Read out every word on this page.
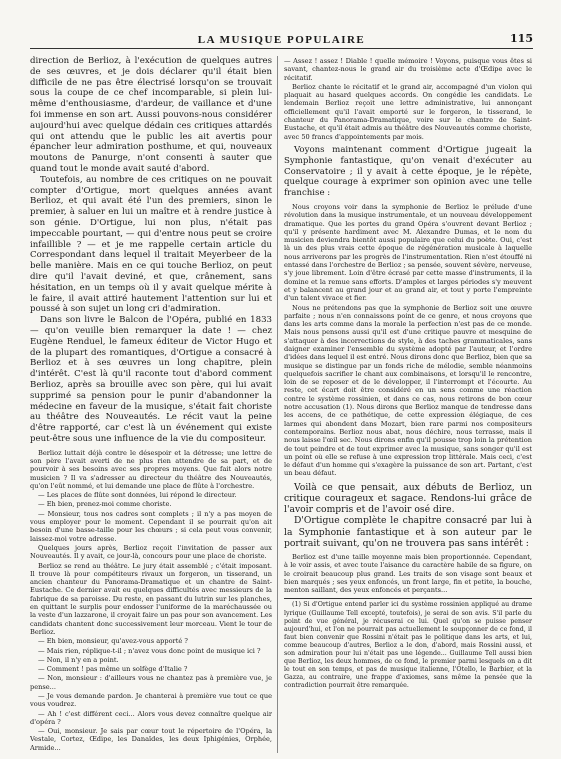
LA MUSIQUE POPULAIRE	115

direction de Berlioz, à l'exécution de quelques autres de ses œuvres, et je dois déclarer qu'il était bien difficile de ne pas être électrisé lorsqu'on se trouvait sous la coupe de ce chef incomparable, si plein lui-même d'enthousiasme, d'ardeur, de vaillance et d'une foi immense en son art. Aussi pouvons-nous considérer aujourd'hui avec quelque dédain ces critiques attardés qui ont attendu que le public les ait avertis pour épancher leur admiration posthume, et qui, nouveaux moutons de Panurge, n'ont consenti à sauter que quand tout le monde avait sauté d'abord.

Toutefois, au nombre de ces critiques on ne pouvait compter d'Ortigue, mort quelques années avant Berlioz, et qui avait été l'un des premiers, sinon le premier, à saluer en lui un maître et à rendre justice à son génie. D'Ortigue, lui non plus, n'était pas impeccable pourtant, — qui d'entre nous peut se croire infaillible ? — et je me rappelle certain article du Correspondant dans lequel il traitait Meyerbeer de la belle manière. Mais en ce qui touche Berlioz, on peut dire qu'il l'avait deviné, et que, crânement, sans hésitation, en un temps où il y avait quelque mérite à le faire, il avait attiré hautement l'attention sur lui et poussé à son sujet un long cri d'admiration.

Dans son livre le Balcon de l'Opéra, publié en 1833 — qu'on veuille bien remarquer la date ! — chez Eugène Renduel, le fameux éditeur de Victor Hugo et de la plupart des romantiques, d'Ortigue a consacré à Berlioz et à ses œuvres un long chapitre, plein d'intérêt. C'est là qu'il raconte tout d'abord comment Berlioz, après sa brouille avec son père, qui lui avait supprimé sa pension pour le punir d'abandonner la médecine en faveur de la musique, s'était fait choriste au théâtre des Nouveautés. Le récit vaut la peine d'être rapporté, car c'est là un événement qui existe peut-être sous une influence de la vie du compositeur.

Berlioz luttait déjà contre le désespoir et la détresse; une lettre de son père l'avait averti de ne plus rien attendre de sa part, et de pourvoir à ses besoins avec ses propres moyens. Que fait alors notre musicien ? Il va s'adresser au directeur du théâtre des Nouveautés, qu'on l'eût nommé, et lui demande une place de flûte à l'orchestre.

— Les places de flûte sont données, lui répond le directeur.

— Eh bien, prenez-moi comme choriste.

— Monsieur, tous nos cadres sont complets ; il n'y a pas moyen de vous employer pour le moment. Cependant il se pourrait qu'on ait besoin d'une basse-taille pour les chœurs ; si cela peut vous convenir, laissez-moi votre adresse.

Quelques jours après, Berlioz reçoit l'invitation de passer aux Nouveautés. Il y avait, ce jour-là, concours pour une place de choriste.

Berlioz se rend au théâtre. Le jury était assemblé ; c'était imposant. Il trouve là pour compétiteurs rivaux un forgeron, un tisserand, un ancien chanteur du Panorama-Dramatique et un chantre de Saint-Eustache. Ce dernier avait eu quelques difficultés avec messieurs de la fabrique de sa paroisse. Du reste, en passant du lutrin sur les planches, en quittant le surplis pour endosser l'uniforme de la maréchaussée ou la veste d'un lazzarone, il croyait faire un pas pour son avancement. Les candidats chantent donc successivement leur morceau. Vient le tour de Berlioz.

— Eh bien, monsieur, qu'avez-vous apporté ?

— Mais rien, réplique-t-il ; n'avez vous donc point de musique ici ?

— Non, il n'y en a point.

— Comment ! pas même un solfège d'Italie ?

— Non, monsieur : d'ailleurs vous ne chantez pas à première vue, je pense...

— Je vous demande pardon. Je chanterai à première vue tout ce que vous voudrez.

— Ah ! c'est différent ceci... Alors vous devez connaître quelque air d'opéra ?

— Oui, monsieur. Je sais par cœur tout le répertoire de l'Opéra, la Vestale, Cortez, Œdipe, les Danaïdes, les deux Iphigénies, Orphée, Armide...

— Assez ! assez ! Diable ! quelle mémoire ! Voyons, puisque vous êtes si savant, chantez-nous le grand air du troisième acte d'Œdipe avec le récitatif.

Berlioz chante le récitatif et le grand air, accompagné d'un violon qui plaquait au hasard quelques accords. On congédie les candidats. Le lendemain Berlioz reçoit une lettre administrative, lui annonçant officiellement qu'il l'avait emporté sur le forgeron, le tisserand, le chanteur du Panorama-Dramatique, voire sur le chantre de Saint-Eustache, et qu'il était admis au théâtre des Nouveautés comme choriste, avec 50 francs d'appointements par mois.

Voyons maintenant comment d'Ortigue jugeait la Symphonie fantastique, qu'on venait d'exécuter au Conservatoire ; il y avait à cette époque, je le répète, quelque courage à exprimer son opinion avec une telle franchise :

Nous croyons voir dans la symphonie de Berlioz le prélude d'une révolution dans la musique instrumentale, et un nouveau développement dramatique. Que les portes du grand Opéra s'ouvrent devant Berlioz ; qu'il y présente hardiment avec M. Alexandre Dumas, et le nom du musicien deviendra bientôt aussi populaire que celui du poète. Oui, c'est là un des plus vrais cette époque de régénération musicale à laquelle nous arriverons par les progrès de l'instrumentation. Rien n'est étouffé ni entassé dans l'orchestre de Berlioz ; sa pensée, souvent sévère, nerveuse, s'y joue librement. Loin d'être écrasé par cette masse d'instruments, il la domine et la remue sans efforts. D'amples et larges périodes s'y meuvent et y balancent au grand jour et au grand air, et tout y porte l'empreinte d'un talent vivace et fier.

Nous ne prétendons pas que la symphonie de Berlioz soit une œuvre parfaite ; nous n'en connaissons point de ce genre, et nous croyons que dans les arts comme dans la morale la perfection n'est pas de ce monde. Mais nous pensons aussi qu'il est d'une critique pauvre et mesquine de s'attaquer à des incorrections de style, à des taches grammaticales, sans daigner examiner l'ensemble du système adopté par l'auteur, et l'ordre d'idées dans lequel il est entré. Nous dirons donc que Berlioz, bien que sa musique se distingue par un fonds riche de mélodie, semble néanmoins quelquefois sacrifier le chant aux combinaisons, et lorsqu'il le rencontre, loin de se reposer et de le développer, il l'interrompt et l'écourte. Au reste, cet écart doit être considéré en un sens comme une réaction contre le système rossinien, et dans ce cas, nous retirons de bon cœur notre accusation (1). Nous dirons que Berlioz manque de tendresse dans les accens, de ce pathétique, de cette expression élégiaque, de ces larmes qui abondent dans Mozart, bien rare parmi nos compositeurs contemporains. Berlioz nous abat, nous déchire, nous terrasse, mais il nous laisse l'œil sec. Nous dirons enfin qu'il pousse trop loin la prétention de tout peindre et de tout exprimer avec la musique, sans songer qu'il est un point où elle se refuse à une expression trop littérale. Mais ceci, c'est le défaut d'un homme qui s'exagère la puissance de son art. Partant, c'est un beau défaut.

Voilà ce que pensait, aux débuts de Berlioz, un critique courageux et sagace. Rendons-lui grâce de l'avoir compris et de l'avoir osé dire.

D'Ortigue complète le chapitre consacré par lui à la Symphonie fantastique et à son auteur par le portrait suivant, qu'on ne trouvera pas sans intérêt :

Berlioz est d'une taille moyenne mais bien proportionnée. Cependant, à le voir assis, et avec toute l'aisance du caractère habile de sa figure, on le croirait beaucoup plus grand. Les traits de son visage sont beaux et bien marqués ; ses yeux enfoncés, un front large, fin et petite, la bouche, menton saillant, des yeux enfoncés et perçants...

(1) Si d'Ortigue entend parler ici du système rossinien appliqué au drame lyrique (Guillaume Tell excepté, toutefois), je serai de son avis. S'il parle du point de vue général, je récuserai ce lui. Quel qu'on se puisse penser aujourd'hui, et l'on ne pourrait pas actuellement le soupçonner de ce fond, il faut bien convenir que Rossini n'était pas le politique dans les arts, et lui, comme beaucoup d'autres, Berlioz a le don, d'abord, mais Rossini aussi, et son admiration pour lui n'était pas une légende... Guillaume Tell aussi bien que Berlioz, les deux hommes, de ce fond, le premier parmi lesquels on a dit le tout en son temps, et pas de musique italienne, l'Otello, le Barbier, et la Gazza, au contraire, une frappe d'axiomes, sans même la pensée que la contradiction pourrait être remarquée.
